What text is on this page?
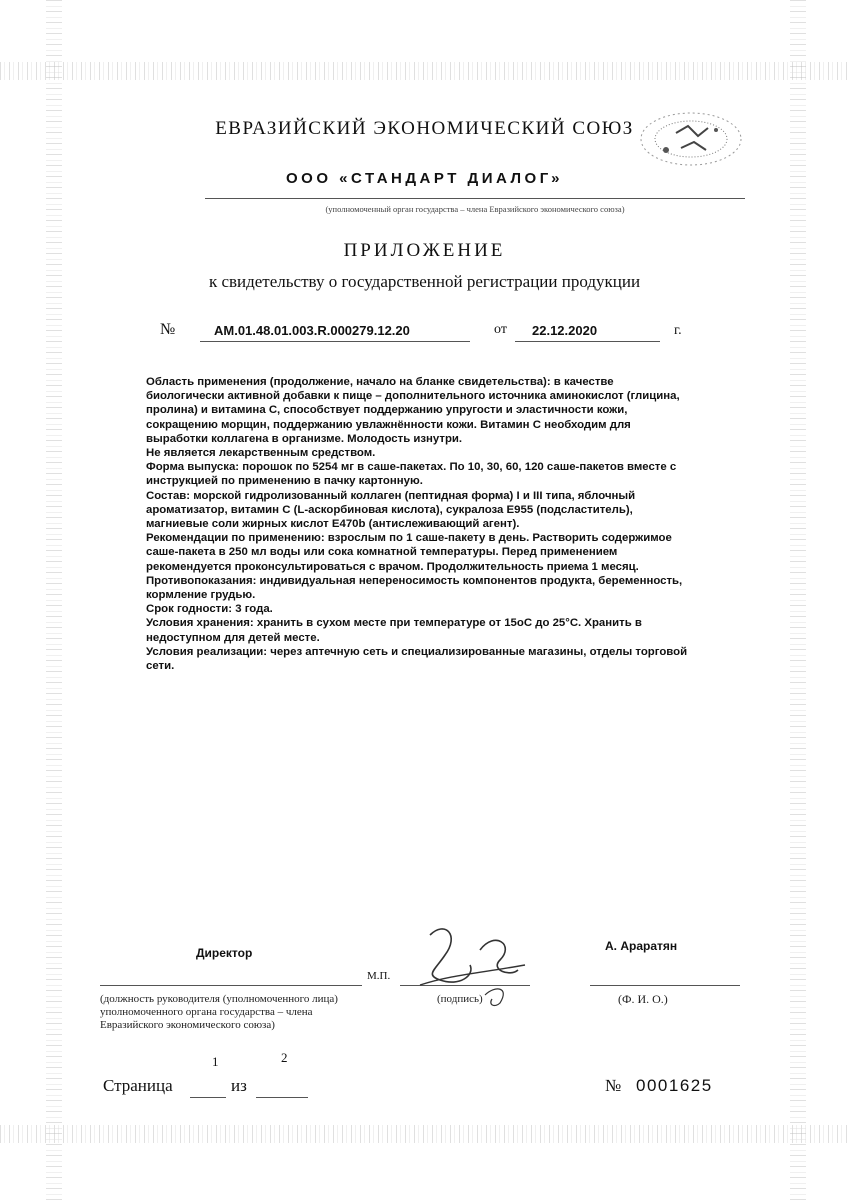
ЕВРАЗИЙСКИЙ ЭКОНОМИЧЕСКИЙ СОЮЗ
ООО «СТАНДАРТ ДИАЛОГ»
(уполномоченный орган государства – члена Евразийского экономического союза)
ПРИЛОЖЕНИЕ
к свидетельству о государственной регистрации продукции
№	AM.01.48.01.003.R.000279.12.20	от 22.12.2020	г.

Область применения (продолжение, начало на бланке свидетельства): в качестве биологически активной добавки к пище – дополнительного источника аминокислот (глицина, пролина) и витамина С, способствует поддержанию упругости и эластичности кожи, сокращению морщин, поддержанию увлажнённости кожи. Витамин С необходим для выработки коллагена в организме. Молодость изнутри.

Не является лекарственным средством.

Форма выпуска: порошок по 5254 мг в саше-пакетах. По 10, 30, 60, 120 саше-пакетов вместе с инструкцией по применению в пачку картонную.

Состав: морской гидролизованный коллаген (пептидная форма) I и III типа, яблочный ароматизатор, витамин С (L-аскорбиновая кислота), сукралоза E955 (подсластитель), магниевые соли жирных кислот E470b (антислеживающий агент).

Рекомендации по применению: взрослым по 1 саше-пакету в день. Растворить содержимое саше-пакета в 250 мл воды или сока комнатной температуры. Перед применением рекомендуется проконсультироваться с врачом. Продолжительность приема 1 месяц.

Противопоказания: индивидуальная непереносимость компонентов продукта, беременность, кормление грудью.

Срок годности: 3 года.

Условия хранения: хранить в сухом месте при температуре от 15оС до 25°С. Хранить в недоступном для детей месте.

Условия реализации: через аптечную сеть и специализированные магазины, отделы торговой сети.

Директор	А. Араратян
М.П.
(должность руководителя (уполномоченного лица) уполномоченного органа государства – члена Евразийского экономического союза)
(подпись)	(Ф. И. О.)
1	2
Страница	из	№ 0001625
